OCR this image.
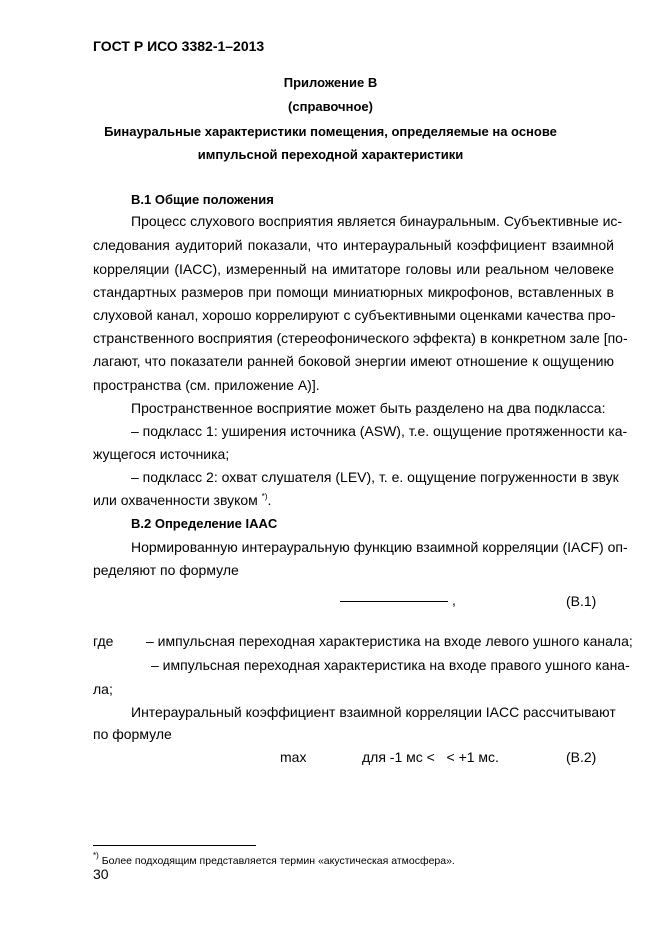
ГОСТ Р ИСО 3382-1–2013
Приложение В
(справочное)
Бинауральные характеристики помещения, определяемые на основе
импульсной переходной характеристики
В.1 Общие положения
Процесс слухового восприятия является бинауральным. Субъективные ис-
следования аудиторий показали, что интерауральный коэффициент взаимной
корреляции (IACC), измеренный на имитаторе головы или реальном человеке
стандартных размеров при помощи миниатюрных микрофонов, вставленных в
слуховой канал, хорошо коррелируют с субъективными оценками качества про-
странственного восприятия (стереофонического эффекта) в конкретном зале [по-
лагают, что показатели ранней боковой энергии имеют отношение к ощущению
пространства (см. приложение А)].
Пространственное восприятие может быть разделено на два подкласса:
– подкласс 1: уширения источника (ASW), т.е. ощущение протяженности ка-
жущегося источника;
– подкласс 2: охват слушателя (LEV), т. е. ощущение погруженности в звук
или охваченности звуком *).
В.2 Определение IAAC
Нормированную интерауральную функцию взаимной корреляции (IACF) оп-
ределяют по формуле
,	(В.1)
где – импульсная переходная характеристика на входе левого ушного канала;
– импульсная переходная характеристика на входе правого ушного кана-
ла;
Интерауральный коэффициент взаимной корреляции IACC рассчитывают
по формуле
max	для -1 мс <   < +1 мс.	(В.2)
*) Более подходящим представляется термин «акустическая атмосфера».
30
